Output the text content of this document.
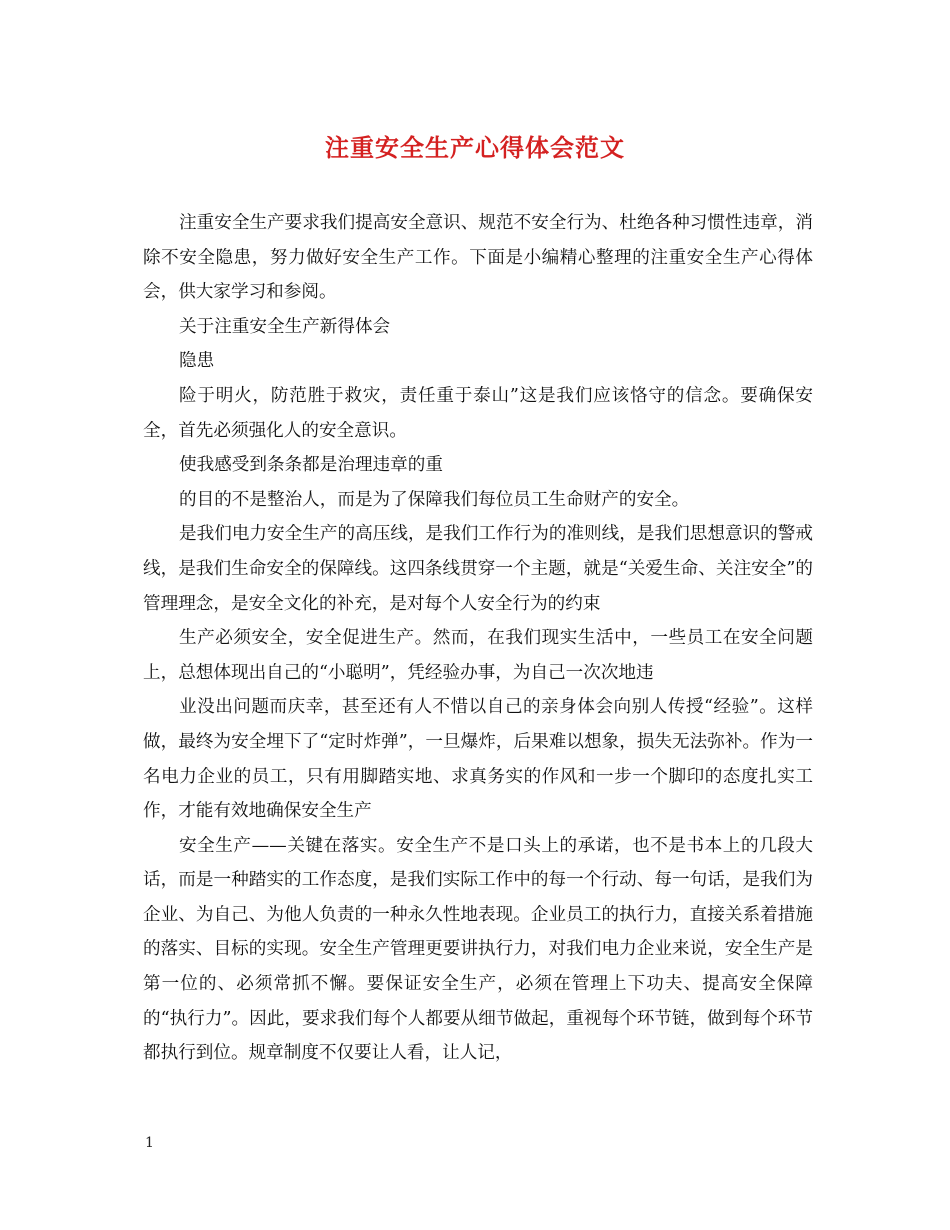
注重安全生产心得体会范文

注重安全生产要求我们提高安全意识、规范不安全行为、杜绝各种习惯性违章，消除不安全隐患，努力做好安全生产工作。下面是小编精心整理的注重安全生产心得体会，供大家学习和参阅。

关于注重安全生产新得体会

隐患

险于明火，防范胜于救灾，责任重于泰山”这是我们应该恪守的信念。要确保安全，首先必须强化人的安全意识。

使我感受到条条都是治理违章的重

的目的不是整治人，而是为了保障我们每位员工生命财产的安全。

是我们电力安全生产的高压线，是我们工作行为的准则线，是我们思想意识的警戒线，是我们生命安全的保障线。这四条线贯穿一个主题，就是“关爱生命、关注安全”的管理理念，是安全文化的补充，是对每个人安全行为的约束

生产必须安全，安全促进生产。然而，在我们现实生活中，一些员工在安全问题上，总想体现出自己的“小聪明”，凭经验办事，为自己一次次地违

业没出问题而庆幸，甚至还有人不惜以自己的亲身体会向别人传授“经验”。这样做，最终为安全埋下了“定时炸弹”，一旦爆炸，后果难以想象，损失无法弥补。作为一名电力企业的员工，只有用脚踏实地、求真务实的作风和一步一个脚印的态度扎实工作，才能有效地确保安全生产

安全生产——关键在落实。安全生产不是口头上的承诺，也不是书本上的几段大话，而是一种踏实的工作态度，是我们实际工作中的每一个行动、每一句话，是我们为企业、为自己、为他人负责的一种永久性地表现。企业员工的执行力，直接关系着措施的落实、目标的实现。安全生产管理更要讲执行力，对我们电力企业来说，安全生产是第一位的、必须常抓不懈。要保证安全生产，必须在管理上下功夫、提高安全保障的“执行力”。因此，要求我们每个人都要从细节做起，重视每个环节链，做到每个环节都执行到位。规章制度不仅要让人看，让人记，

1
